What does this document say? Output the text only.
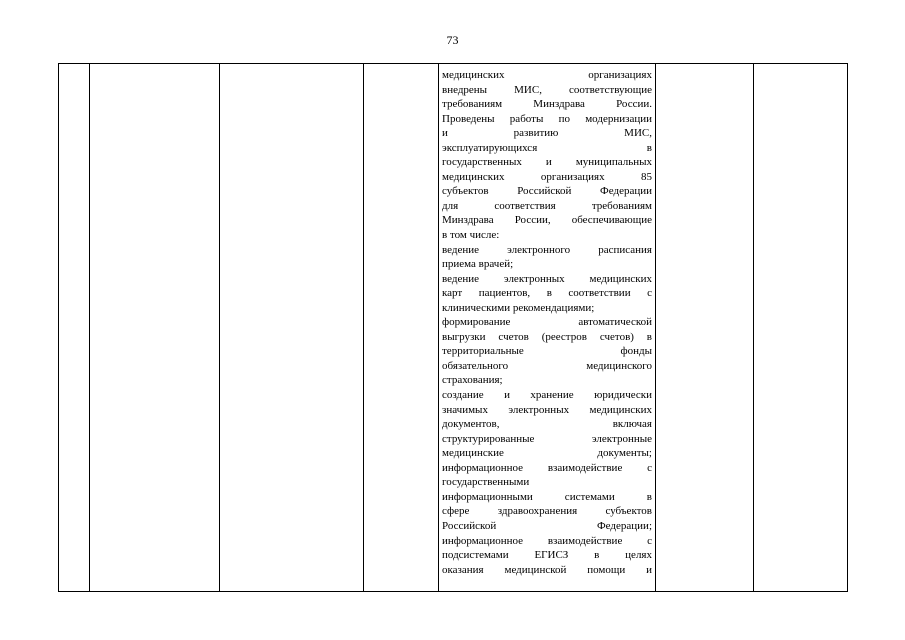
73

медицинских организациях
внедрены МИС, соответствующие
требованиям Минздрава России.
Проведены работы по модернизации
и развитию МИС,
эксплуатирующихся в
государственных и муниципальных
медицинских организациях 85
субъектов Российской Федерации
для соответствия требованиям
Минздрава России, обеспечивающие
в том числе:
ведение электронного расписания
приема врачей;
ведение электронных медицинских
карт пациентов, в соответствии с
клиническими рекомендациями;
формирование автоматической
выгрузки счетов (реестров счетов) в
территориальные фонды
обязательного медицинского
страхования;
создание и хранение юридически
значимых электронных медицинских
документов, включая
структурированные электронные
медицинские документы;
информационное взаимодействие с
государственными
информационными системами в
сфере здравоохранения субъектов
Российской Федерации;
информационное взаимодействие с
подсистемами ЕГИСЗ в целях
оказания медицинской помощи и
